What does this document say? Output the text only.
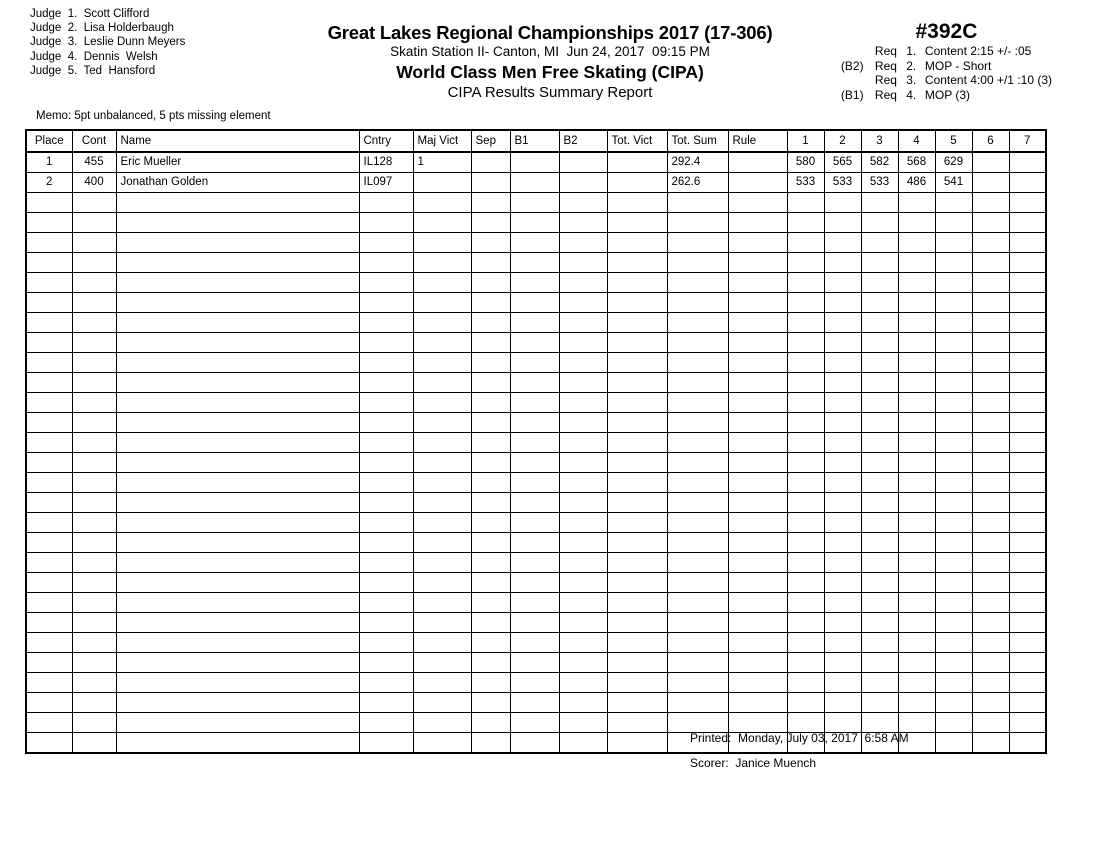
Judge  1.  Scott Clifford
Judge  2.  Lisa Holderbaugh
Judge  3.  Leslie Dunn Meyers
Judge  4.  Dennis  Welsh
Judge  5.  Ted  Hansford
Memo: 5pt unbalanced, 5 pts missing element
Great Lakes Regional Championships 2017 (17-306)
Skatin Station II- Canton, MI  Jun 24, 2017  09:15 PM
World Class Men Free Skating (CIPA)
CIPA Results Summary Report
#392C
Req 1. Content 2:15 +/- :05
(B2) Req 2. MOP - Short
Req 3. Content 4:00 +/1 :10 (3)
(B1) Req 4. MOP (3)
Place	Cont	Name	Cntry	Maj Vict	Sep	B1	B2	Tot. Vict	Tot. Sum	Rule	1	2	3	4	5	6	7
1	455	Eric Mueller	IL128	1					292.4		580	565	582	568	629		
2	400	Jonathan Golden	IL097						262.6		533	533	533	486	541		

Printed:  Monday, July 03, 2017  6:58 AM
Scorer:  Janice Muench
